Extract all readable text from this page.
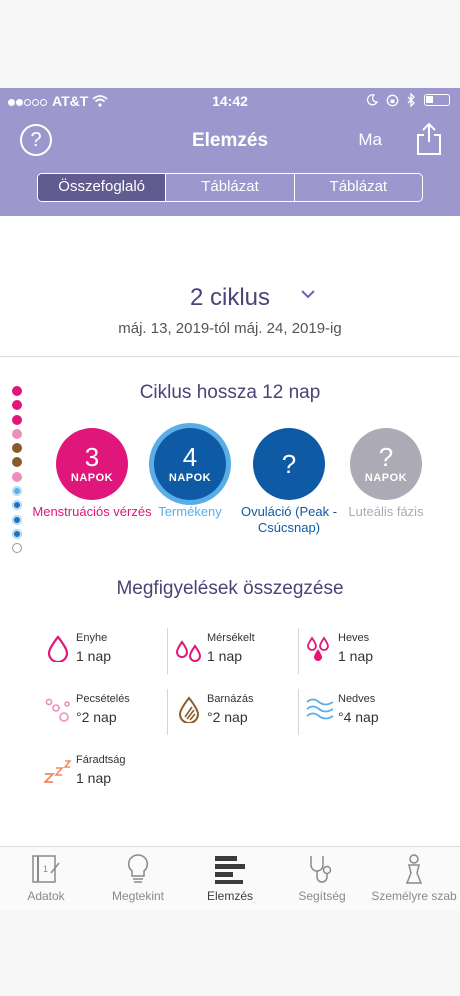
AT&T	14:42
?	Elemzés	Ma
Összefoglaló	Táblázat	Táblázat
2 ciklus
máj. 13, 2019-tól máj. 24, 2019-ig
Ciklus hossza 12 nap
3
NAPOK
Menstruációs vérzés
4
NAPOK
Termékeny
?
Ovuláció (Peak - Csúcsnap)
?
NAPOK
Luteális fázis
Megfigyelések összegzése
Enyhe
1 nap
Mérsékelt
1 nap
Heves
1 nap
Pecsételés
°2 nap
Barnázás
°2 nap
Nedves
°4 nap
Fáradtság
1 nap
1
Adatok	Megtekint	Elemzés	Segítség	Személyre szab
